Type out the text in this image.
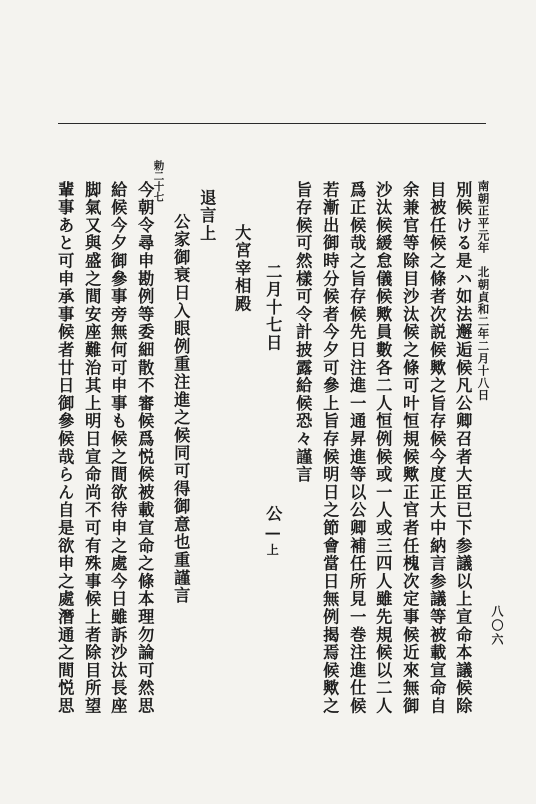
南朝正平元年　北朝貞和二年二月十八日
八〇六
別候ける是ハ如法邂逅候凡公卿召者大臣已下参議以上宣命本議候除
目被任候之條者次説候歟之旨存候今度正大中納言参議等被載宣命自
余兼官等除目沙汰候之條可叶恒規候歟正官者任槐次定事候近來無御
沙汰候緩怠儀候歟員數各二人恒例候或一人或三四人雖先規候以二人
爲正候哉之旨存候先日注進一通昇進等以公卿補任所見一巻注進仕候
若漸出御時分候者今夕可參上旨存候明日之節會當日無例揭焉候歟之
旨存候可然樣可令計披露給候恐々謹言
二月十七日
公—上
大宮宰相殿
退言上
公家御衰日入眼例重注進之候同可得御意也重謹言
勅二十七
今朝令尋申勘例等委細散不審候爲悦候被載宣命之條本理勿論可然思
給候今夕御參事旁無何可申事も候之間欲待申之處今日雖訴沙汰長座
脚氣又與盛之間安座難治其上明日宣命尚不可有殊事候上者除目所望
輩事あと可申承事候者廿日御參候哉らん自是欲申之處潛通之間悦思
